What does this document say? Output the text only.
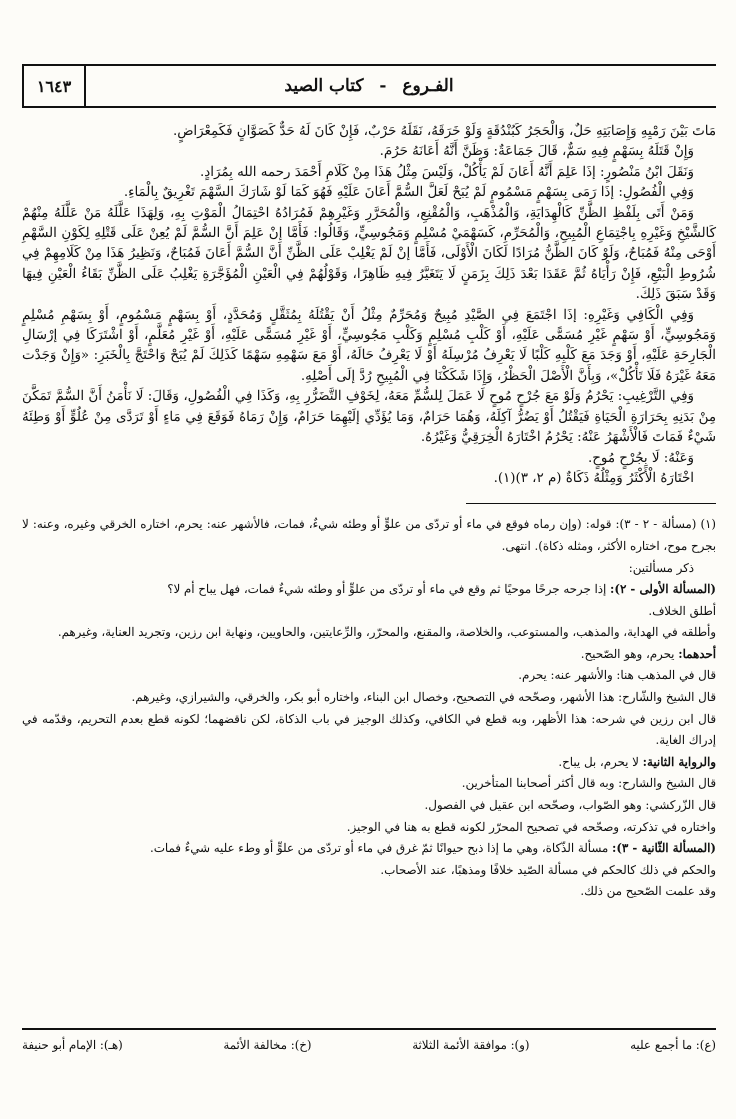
الفـروع - كتاب الصيد
١٦٤٣

مَاتَ بَيْنَ رَمْيِهِ وَإِصَابَتِهِ حَلٌ، وَالْحَجَرُ كَبُنْدُقَةٍ وَلَوْ خَرَقَهُ، نَقَلَهُ حَرْبٌ، فَإِنْ كَانَ لَهُ حَدٌّ كَصَوَّانٍ فَكَمِعْرَاضٍ.

وَإِنْ قَتَلَهُ بِسَهْمٍ فِيهِ سَمٌّ، قَالَ جَمَاعَةٌ: وَظَنَّ أَنَّهُ أَعَانَهُ حَرُمَ.

وَنَقَلَ ابْنُ مَنْصُورٍ: إذَا عَلِمَ أَنَّهُ أَعَانَ لَمْ يَأْكُلْ، وَلَيْسَ مِثْلُ هَذَا مِنْ كَلَامِ أَحْمَدَ رحمه الله بِمُرَادٍ.

وَفِي الْفُصُولِ: إذَا رَمَى بِسَهْمٍ مَسْمُومٍ لَمْ يُبَحْ لَعَلَّ السُّمَّ أَعَانَ عَلَيْهِ فَهُوَ كَمَا لَوْ شَارَكَ السَّهْمَ تَغْرِيقٌ بِالْمَاءِ.

وَمَنْ أَتَى بِلَفْظِ الظَّنِّ كَالْهِدَايَةِ، وَالْمُذْهَبِ، وَالْمُقْنِعِ، وَالْمُحَرَّرِ وَغَيْرِهِمْ فَمُرَادُهُ احْتِمَالُ الْمَوْتِ بِهِ، وَلِهَذَا عَلَّلَهُ مَنْ عَلَّلَهُ مِنْهُمْ كَالشَّيْخِ وَغَيْرِهِ بِاجْتِمَاعِ الْمُبِيحِ، وَالْمُحَرِّمِ، كَسَهْمَيْ مُسْلِمٍ وَمَجُوسِيٍّ، وَقَالُوا: فَأَمَّا إنْ عَلِمَ أَنَّ السُّمَّ لَمْ يُعِنْ عَلَى قَتْلِهِ لِكَوْنِ السَّهْمِ أَوْحَى مِنْهُ فَمُبَاحٌ، وَلَوْ كَانَ الظَّنُّ مُرَادًا لَكَانَ الْأَوْلَى، فَأَمَّا إنْ لَمْ يَغْلِبْ عَلَى الظَّنِّ أَنَّ السُّمَّ أَعَانَ فَمُبَاحٌ، وَنَظِيرُ هَذَا مِنْ كَلَامِهِمْ فِي شُرُوطِ الْبَيْعِ، فَإِنْ رَأْيَاهُ ثُمَّ عَقَدَا بَعْدَ ذَلِكَ بِزَمَنٍ لَا يَتَغَيَّرُ فِيهِ ظَاهِرًا، وَقَوْلُهُمْ فِي الْعَيْنِ الْمُؤَجَّرَةِ يَغْلِبُ عَلَى الظَّنِّ بَقَاءُ الْعَيْنِ فِيهَا وَقَدْ سَبَقَ ذَلِكَ.

وَفِي الْكَافِي وَغَيْرِهِ: إذَا اجْتَمَعَ فِي الصَّيْدِ مُبِيحٌ وَمُحَرِّمٌ مِثْلُ أَنْ يَقْتُلَهُ بِمُثَقَّلٍ وَمُحَدَّدٍ، أَوْ بِسَهْمٍ مَسْمُومٍ، أَوْ بِسَهْمِ مُسْلِمٍ وَمَجُوسِيٍّ، أَوْ سَهْمٍ غَيْرِ مُسَمًّى عَلَيْهِ، أَوْ كَلْبِ مُسْلِمٍ وَكَلْبِ مَجُوسِيٍّ، أَوْ غَيْرِ مُسَمًّى عَلَيْهِ، أَوْ غَيْرِ مُعَلَّمٍ، أَوْ اشْتَرَكَا فِي إرْسَالِ الْجَارِحَةِ عَلَيْهِ، أَوْ وَجَدَ مَعَ كَلْبِهِ كَلْبًا لَا يَعْرِفُ مُرْسِلَهُ أَوْ لَا يَعْرِفُ حَالَهُ، أَوْ مَعَ سَهْمِهِ سَهْمًا كَذَلِكَ لَمْ يُبَحْ وَاحْتَجَّ بِالْخَبَرِ: «وَإِنْ وَجَدْت مَعَهُ غَيْرَهُ فَلَا تَأْكُلْ»، وَبِأَنَّ الْأَصْلَ الْحَظْرُ، وَإِذَا شَكَكْنَا فِي الْمُبِيحِ رُدَّ إلَى أَصْلِهِ.

وَفِي التَّرْغِيبِ: يَحْرُمُ وَلَوْ مَعَ جُرْحٍ مُوحٍ لَا عَمَلَ لِلسُّمِّ مَعَهُ، لِخَوْفِ التَّضَرُّرِ بِهِ، وَكَذَا فِي الْفُصُولِ، وَقَالَ: لَا نَأْمَنُ أَنَّ السُّمَّ تَمَكَّنَ مِنْ بَدَنِهِ بِحَرَارَةِ الْحَيَاةِ فَيَقْتُلُ أَوْ يَضُرُّ آكِلَهُ، وَهُمَا حَرَامٌ، وَمَا يُؤَدِّي إلَيْهِمَا حَرَامٌ، وَإِنْ رَمَاهُ فَوَقَعَ فِي مَاءٍ أَوْ تَرَدَّى مِنْ عُلُوٍّ أَوْ وَطِئَهُ شَيْءٌ فَمَاتَ فَالْأَشْهَرُ عَنْهُ: يَحْرُمُ اخْتَارَهُ الْخِرَقِيُّ وَغَيْرُهُ.

وَعَنْهُ: لَا بِجُرْحٍ مُوحٍ.

اخْتَارَهُ الْأَكْثَرُ وَمِثْلُهُ ذَكَاةٌ (م ٢، ٣)(١).

(١) (مسألة - ٢ - ٣): قوله: (وإن رماه فوقع في ماء أو تردّى من علوٍّ أو وطئه شيءٌ، فمات، فالأشهر عنه: يحرم، اختاره الخرقي وغيره، وعنه: لا بجرح موح، اختاره الأكثر، ومثله ذكاة). انتهى.

ذكر مسألتين:

(المسألة الأولى - ٢): إذا جرحه جرحًا موحيًا ثم وقع في ماء أو تردّى من علوٍّ أو وطئه شيءٌ فمات، فهل يباح أم لا؟

أطلق الخلاف.

وأطلقه في الهداية، والمذهب، والمستوعب، والخلاصة، والمقنع، والمحرّر، والرِّعايتين، والحاويين، ونهاية ابن رزين، وتجريد العناية، وغيرهم.

أحدهما: يحرم، وهو الصّحيح.

قال في المذهب هنا: والأشهر عنه: يحرم.

قال الشيخ والشّارح: هذا الأشهر، وصحّحه في التصحيح، وخصال ابن البناء، واختاره أبو بكر، والخرقي، والشيرازي، وغيرهم.

قال ابن رزين في شرحه: هذا الأظهر، وبه قطع في الكافي، وكذلك الوجيز في باب الذكاة، لكن ناقضهما؛ لكونه قطع بعدم التحريم، وقدّمه في إدراك الغاية.

والرواية الثانية: لا يحرم، بل يباح.

قال الشيخ والشارح: وبه قال أكثر أصحابنا المتأخرين.

قال الزّركشي: وهو الصّواب، وصحّحه ابن عقيل في الفصول.

واختاره في تذكرته، وصحّحه في تصحيح المحرّر لكونه قطع به هنا في الوجيز.

(المسألة الثّانية - ٣): مسألة الذّكاة، وهي ما إذا ذبح حيوانًا ثمّ غرق في ماء أو تردّى من علوٍّ أو وطء عليه شيءٌ فمات.

والحكم في ذلك كالحكم في مسألة الصّيد خلافًا ومذهبًا، عند الأصحاب.

وقد علمت الصّحيح من ذلك.

(ع): ما أجمع عليه
(و): موافقة الأئمة الثلاثة
(خ): مخالفة الأئمة
(هـ): الإمام أبو حنيفة
